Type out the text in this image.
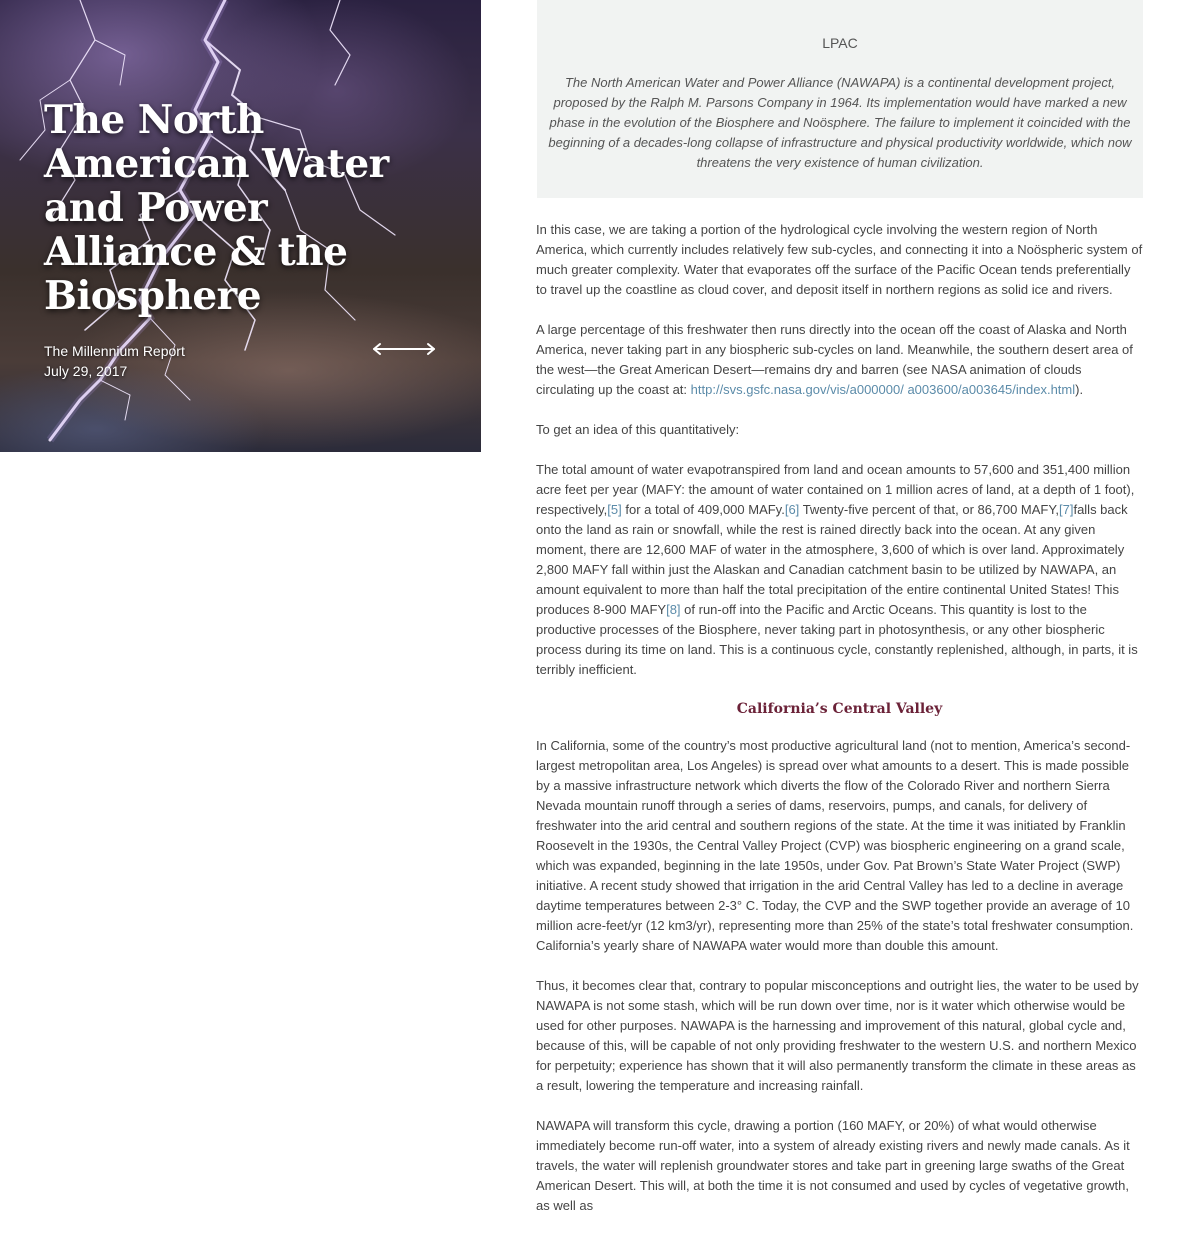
The North American Water and Power Alliance & the Biosphere
The Millennium Report
July 29, 2017
LPAC
The North American Water and Power Alliance (NAWAPA) is a continental development project, proposed by the Ralph M. Parsons Company in 1964. Its implementation would have marked a new phase in the evolution of the Biosphere and Noösphere. The failure to implement it coincided with the beginning of a decades-long collapse of infrastructure and physical productivity worldwide, which now threatens the very existence of human civilization.

In this case, we are taking a portion of the hydrological cycle involving the western region of North America, which currently includes relatively few sub-cycles, and connecting it into a Noöspheric system of much greater complexity. Water that evaporates off the surface of the Pacific Ocean tends preferentially to travel up the coastline as cloud cover, and deposit itself in northern regions as solid ice and rivers.

A large percentage of this freshwater then runs directly into the ocean off the coast of Alaska and North America, never taking part in any biospheric sub-cycles on land. Meanwhile, the southern desert area of the west—the Great American Desert—remains dry and barren (see NASA animation of clouds circulating up the coast at: http://svs.gsfc.nasa.gov/vis/a000000/ a003600/a003645/index.html).

To get an idea of this quantitatively:

The total amount of water evapotranspired from land and ocean amounts to 57,600 and 351,400 million acre feet per year (MAFY: the amount of water contained on 1 million acres of land, at a depth of 1 foot), respectively,[5] for a total of 409,000 MAFy.[6] Twenty-five percent of that, or 86,700 MAFY,[7]falls back onto the land as rain or snowfall, while the rest is rained directly back into the ocean. At any given moment, there are 12,600 MAF of water in the atmosphere, 3,600 of which is over land. Approximately 2,800 MAFY fall within just the Alaskan and Canadian catchment basin to be utilized by NAWAPA, an amount equivalent to more than half the total precipitation of the entire continental United States! This produces 8-900 MAFY[8] of run-off into the Pacific and Arctic Oceans. This quantity is lost to the productive processes of the Biosphere, never taking part in photosynthesis, or any other biospheric process during its time on land. This is a continuous cycle, constantly replenished, although, in parts, it is terribly inefficient.

California’s Central Valley

In California, some of the country’s most productive agricultural land (not to mention, America’s second-largest metropolitan area, Los Angeles) is spread over what amounts to a desert. This is made possible by a massive infrastructure network which diverts the flow of the Colorado River and northern Sierra Nevada mountain runoff through a series of dams, reservoirs, pumps, and canals, for delivery of freshwater into the arid central and southern regions of the state. At the time it was initiated by Franklin Roosevelt in the 1930s, the Central Valley Project (CVP) was biospheric engineering on a grand scale, which was expanded, beginning in the late 1950s, under Gov. Pat Brown’s State Water Project (SWP) initiative. A recent study showed that irrigation in the arid Central Valley has led to a decline in average daytime temperatures between 2-3° C. Today, the CVP and the SWP together provide an average of 10 million acre-feet/yr (12 km3/yr), representing more than 25% of the state’s total freshwater consumption. California’s yearly share of NAWAPA water would more than double this amount.

Thus, it becomes clear that, contrary to popular misconceptions and outright lies, the water to be used by NAWAPA is not some stash, which will be run down over time, nor is it water which otherwise would be used for other purposes. NAWAPA is the harnessing and improvement of this natural, global cycle and, because of this, will be capable of not only providing freshwater to the western U.S. and northern Mexico for perpetuity; experience has shown that it will also permanently transform the climate in these areas as a result, lowering the temperature and increasing rainfall.

NAWAPA will transform this cycle, drawing a portion (160 MAFY, or 20%) of what would otherwise immediately become run-off water, into a system of already existing rivers and newly made canals. As it travels, the water will replenish groundwater stores and take part in greening large swaths of the Great American Desert. This will, at both the time it is not consumed and used by cycles of vegetative growth, as well as
